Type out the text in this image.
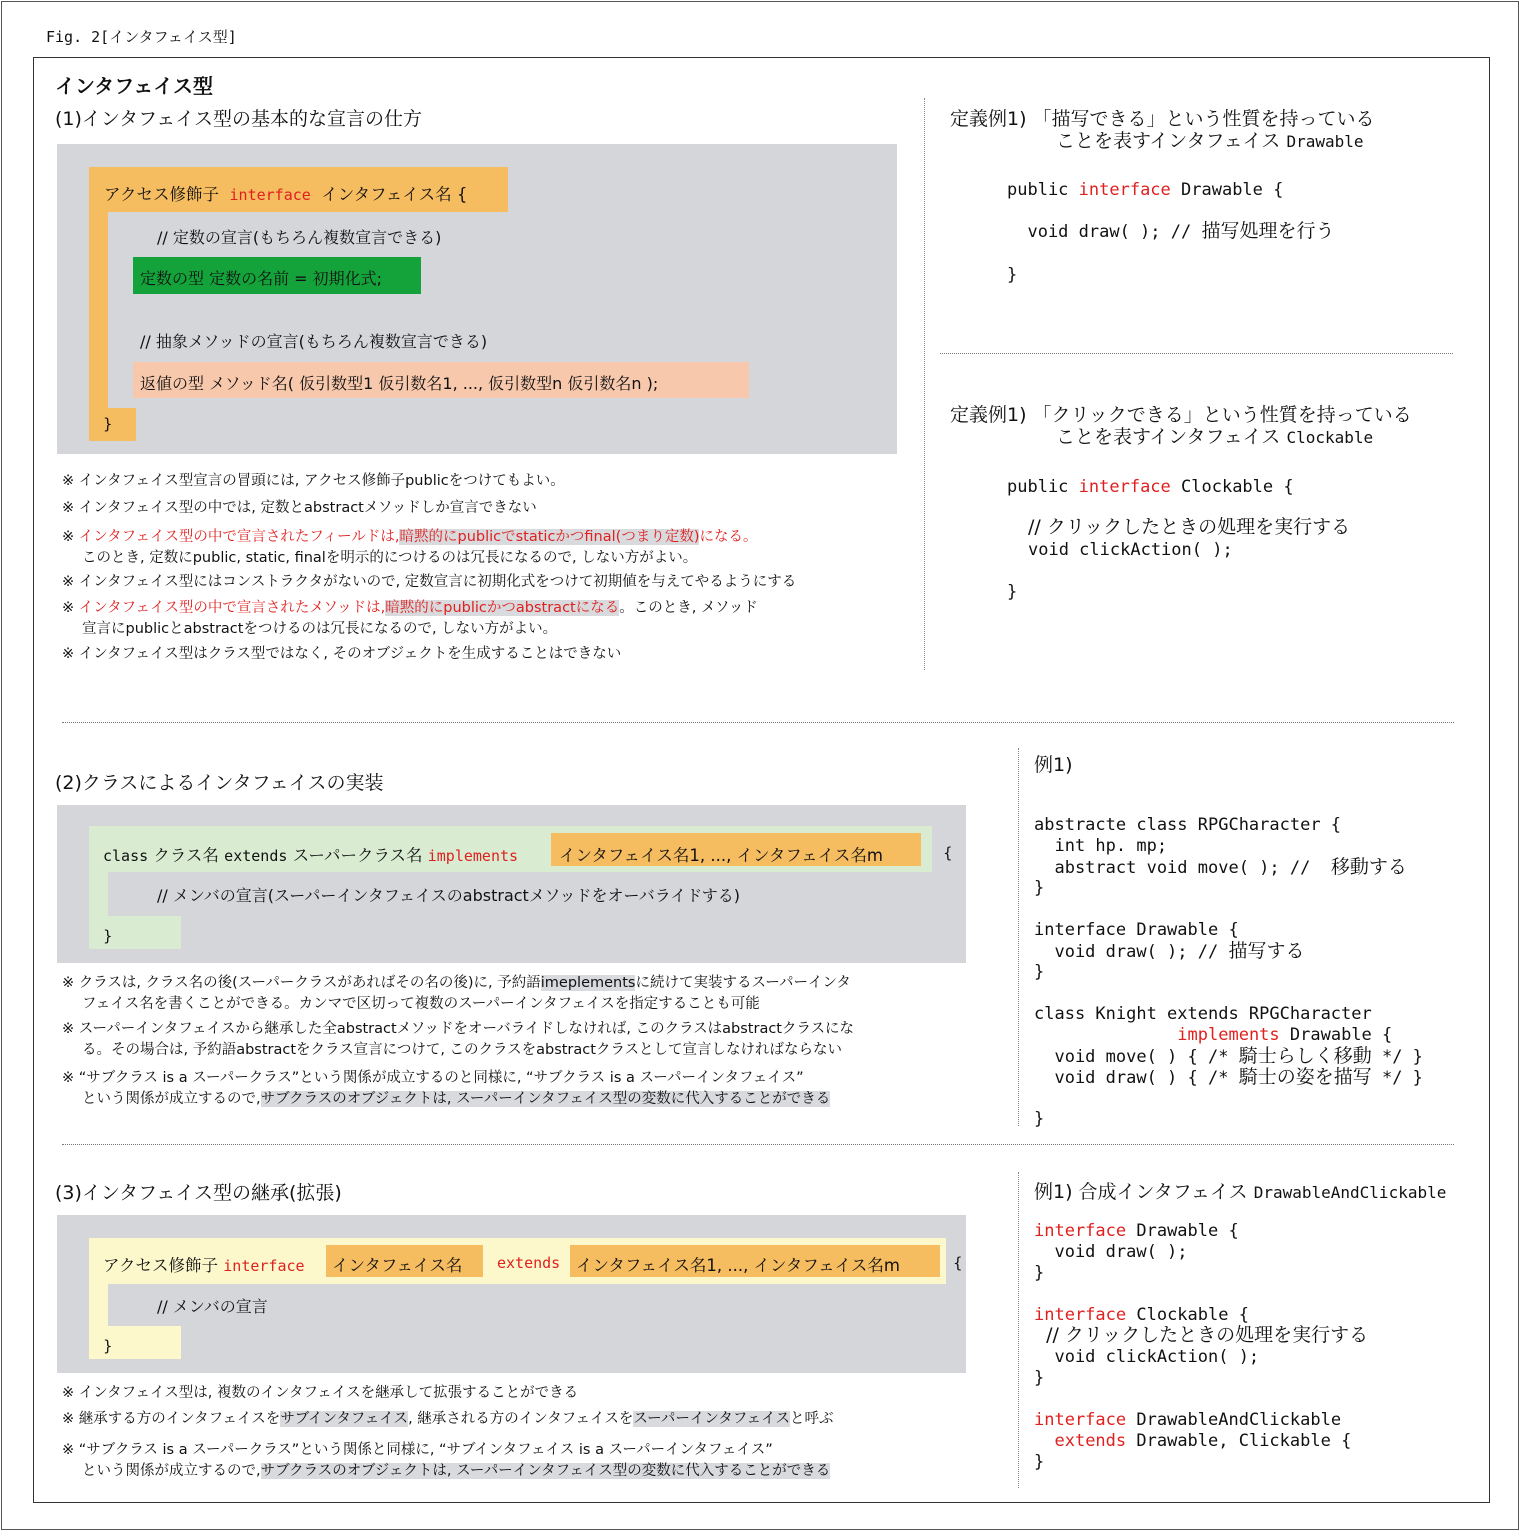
Fig. 2[インタフェイス型]
インタフェイス型
(1)インタフェイス型の基本的な宣言の仕方
アクセス修飾子 interface インタフェイス名 {
// 定数の宣言(もちろん複数宣言できる)
定数の型 定数の名前 = 初期化式;
// 抽象メソッドの宣言(もちろん複数宣言できる)
返値の型 メソッド名( 仮引数型1 仮引数名1, ..., 仮引数型n 仮引数名n );
}
※ インタフェイス型宣言の冒頭には, アクセス修飾子publicをつけてもよい。
※ インタフェイス型の中では, 定数とabstractメソッドしか宣言できない
※ インタフェイス型の中で宣言されたフィールドは,暗黙的にpublicでstaticかつfinal(つまり定数)になる。
このとき, 定数にpublic, static, finalを明示的につけるのは冗長になるので, しない方がよい。
※ インタフェイス型にはコンストラクタがないので, 定数宣言に初期化式をつけて初期値を与えてやるようにする
※ インタフェイス型の中で宣言されたメソッドは,暗黙的にpublicかつabstractになる。このとき, メソッド
宣言にpublicとabstractをつけるのは冗長になるので, しない方がよい。
※ インタフェイス型はクラス型ではなく, そのオブジェクトを生成することはできない
定義例1) 「描写できる」という性質を持っている
ことを表すインタフェイス Drawable
public interface Drawable {
void draw( ); // 描写処理を行う
}
定義例1) 「クリックできる」という性質を持っている
ことを表すインタフェイス Clockable
public interface Clockable {
// クリックしたときの処理を実行する
void clickAction( );
}
(2)クラスによるインタフェイスの実装
class クラス名 extends スーパークラス名 implements インタフェイス名1, ..., インタフェイス名m	{
// メンバの宣言(スーパーインタフェイスのabstractメソッドをオーバライドする)
}
※ クラスは, クラス名の後(スーパークラスがあればその名の後)に, 予約語imeplementsに続けて実装するスーパーインタ
フェイス名を書くことができる。カンマで区切って複数のスーパーインタフェイスを指定することも可能
※ スーパーインタフェイスから継承した全abstractメソッドをオーバライドしなければ, このクラスはabstractクラスにな
る。その場合は, 予約語abstractをクラス宣言につけて, このクラスをabstractクラスとして宣言しなければならない
※ “サブクラス is a スーパークラス”という関係が成立するのと同様に, “サブクラス is a スーパーインタフェイス”
という関係が成立するので,サブクラスのオブジェクトは, スーパーインタフェイス型の変数に代入することができる
例1)
abstracte class RPGCharacter {
int hp. mp;
abstract void move( ); //  移動する
}
interface Drawable {
void draw( ); // 描写する
}
class Knight extends RPGCharacter
implements Drawable {
void move( ) { /* 騎士らしく移動 */ }
void draw( ) { /* 騎士の姿を描写 */ }
}
(3)インタフェイス型の継承(拡張)
アクセス修飾子 interface インタフェイス名 extends インタフェイス名1, ..., インタフェイス名m	{
// メンバの宣言
}
※ インタフェイス型は, 複数のインタフェイスを継承して拡張することができる
※ 継承する方のインタフェイスをサブインタフェイス, 継承される方のインタフェイスをスーパーインタフェイスと呼ぶ
※ “サブクラス is a スーパークラス”という関係と同様に, “サブインタフェイス is a スーパーインタフェイス”
という関係が成立するので,サブクラスのオブジェクトは, スーパーインタフェイス型の変数に代入することができる
例1) 合成インタフェイス DrawableAndClickable
interface Drawable {
void draw( );
}
interface Clockable {
// クリックしたときの処理を実行する
void clickAction( );
}
interface DrawableAndClickable
extends Drawable, Clickable {
}
